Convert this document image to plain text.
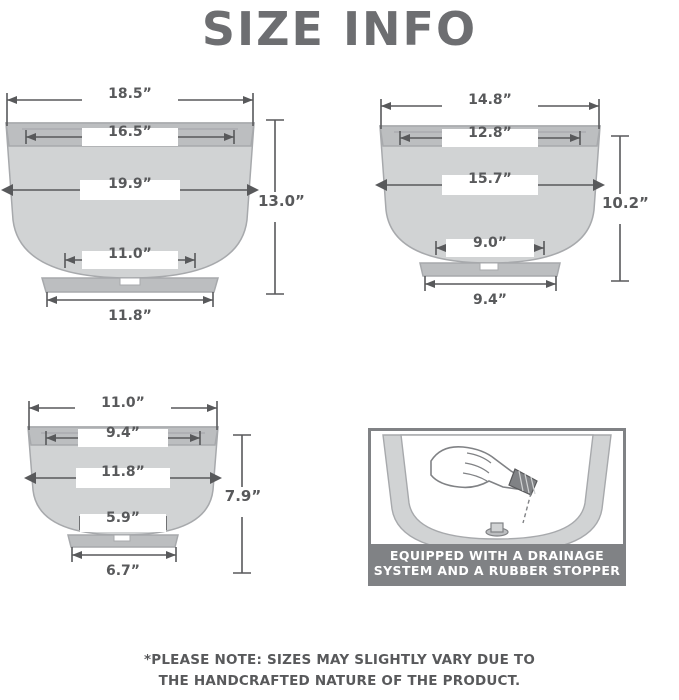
SIZE INFO
18.5”
16.5”
19.9”
11.0”
11.8”
13.0”
14.8”
12.8”
15.7”
9.0”
9.4”
10.2”
11.0”
9.4”
11.8”
5.9”
6.7”
7.9”
EQUIPPED WITH A DRAINAGE
SYSTEM AND A RUBBER STOPPER
*PLEASE NOTE: SIZES MAY SLIGHTLY VARY DUE TO
THE HANDCRAFTED NATURE OF THE PRODUCT.
